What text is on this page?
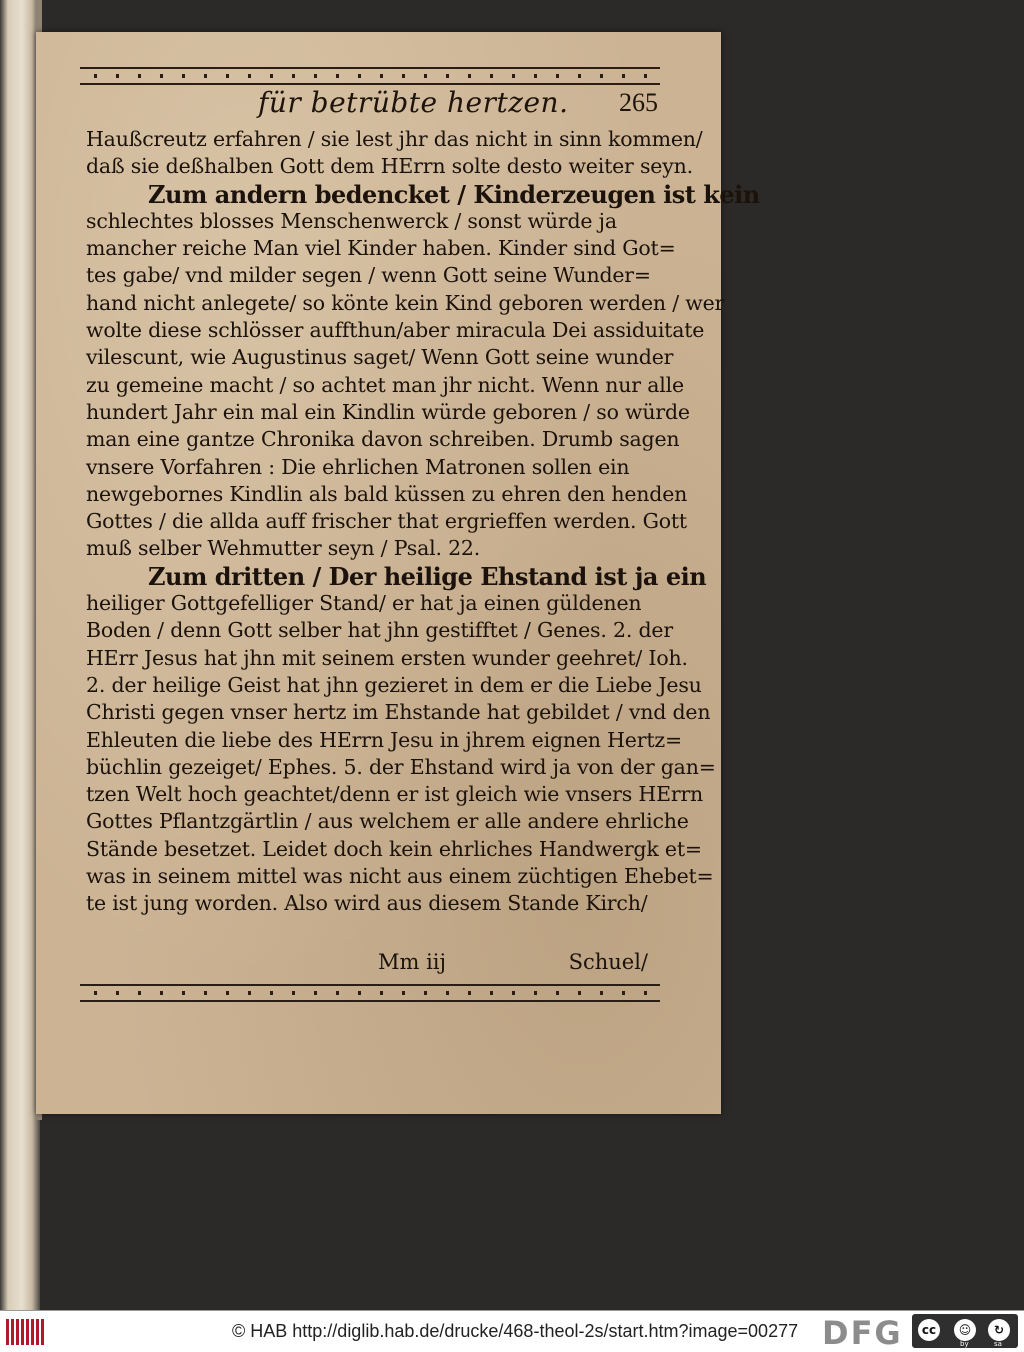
für betrübte hertzen. 265
Haußcreutz erfahren / sie lest jhr das nicht in sinn kommen/
daß sie deßhalben Gott dem HErrn solte desto weiter seyn.
Zum andern bedencket / Kinderzeugen ist kein
schlechtes blosses Menschenwerck / sonst würde ja
mancher reiche Man viel Kinder haben. Kinder sind Got=
tes gabe/ vnd milder segen / wenn Gott seine Wunder=
hand nicht anlegete/ so könte kein Kind geboren werden / wer
wolte diese schlösser auffthun/aber miracula Dei assiduitate
vilescunt, wie Augustinus saget/ Wenn Gott seine wunder
zu gemeine macht / so achtet man jhr nicht. Wenn nur alle
hundert Jahr ein mal ein Kindlin würde geboren / so würde
man eine gantze Chronika davon schreiben. Drumb sagen
vnsere Vorfahren : Die ehrlichen Matronen sollen ein
newgebornes Kindlin als bald küssen zu ehren den henden
Gottes / die allda auff frischer that ergrieffen werden. Gott
muß selber Wehmutter seyn / Psal. 22.
Zum dritten / Der heilige Ehstand ist ja ein
heiliger Gottgefelliger Stand/ er hat ja einen güldenen
Boden / denn Gott selber hat jhn gestifftet / Genes. 2. der
HErr Jesus hat jhn mit seinem ersten wunder geehret/ Ioh.
2. der heilige Geist hat jhn gezieret in dem er die Liebe Jesu
Christi gegen vnser hertz im Ehstande hat gebildet / vnd den
Ehleuten die liebe des HErrn Jesu in jhrem eignen Hertz=
büchlin gezeiget/ Ephes. 5. der Ehstand wird ja von der gan=
tzen Welt hoch geachtet/denn er ist gleich wie vnsers HErrn
Gottes Pflantzgärtlin / aus welchem er alle andere ehrliche
Stände besetzet. Leidet doch kein ehrliches Handwergk et=
was in seinem mittel was nicht aus einem züchtigen Ehebet=
te ist jung worden. Also wird aus diesem Stande Kirch/
Mm iij	Schuel/
© HAB http://diglib.hab.de/drucke/468-theol-2s/start.htm?image=00277 DFG	cc	☺	↻
by	sa
